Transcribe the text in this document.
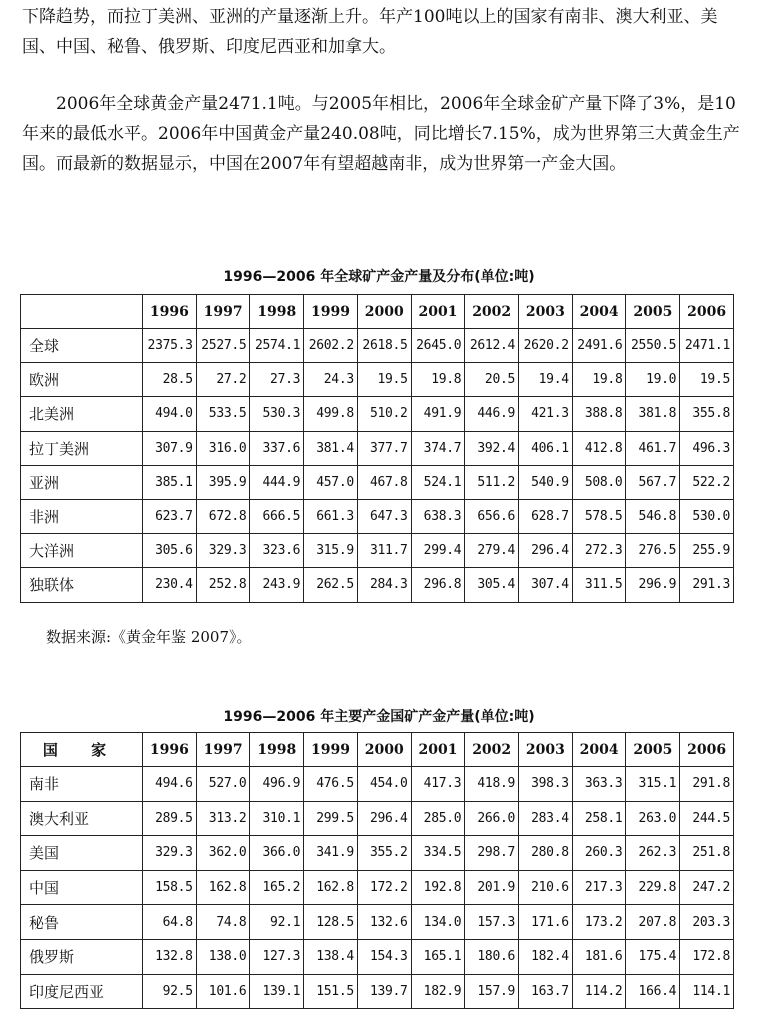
下降趋势，而拉丁美洲、亚洲的产量逐渐上升。年产100吨以上的国家有南非、澳大利亚、美国、中国、秘鲁、俄罗斯、印度尼西亚和加拿大。

2006年全球黄金产量2471.1吨。与2005年相比，2006年全球金矿产量下降了3%，是10年来的最低水平。2006年中国黄金产量240.08吨，同比增长7.15%，成为世界第三大黄金生产国。而最新的数据显示，中国在2007年有望超越南非，成为世界第一产金大国。

1996—2006 年全球矿产金产量及分布(单位:吨)
	1996	1997	1998	1999	2000	2001	2002	2003	2004	2005	2006
全球	2375.3	2527.5	2574.1	2602.2	2618.5	2645.0	2612.4	2620.2	2491.6	2550.5	2471.1
欧洲	28.5	27.2	27.3	24.3	19.5	19.8	20.5	19.4	19.8	19.0	19.5
北美洲	494.0	533.5	530.3	499.8	510.2	491.9	446.9	421.3	388.8	381.8	355.8
拉丁美洲	307.9	316.0	337.6	381.4	377.7	374.7	392.4	406.1	412.8	461.7	496.3
亚洲	385.1	395.9	444.9	457.0	467.8	524.1	511.2	540.9	508.0	567.7	522.2
非洲	623.7	672.8	666.5	661.3	647.3	638.3	656.6	628.7	578.5	546.8	530.0
大洋洲	305.6	329.3	323.6	315.9	311.7	299.4	279.4	296.4	272.3	276.5	255.9
独联体	230.4	252.8	243.9	262.5	284.3	296.8	305.4	307.4	311.5	296.9	291.3
数据来源:《黄金年鉴 2007》。
1996—2006 年主要产金国矿产金产量(单位:吨)
国 家	1996	1997	1998	1999	2000	2001	2002	2003	2004	2005	2006
南非	494.6	527.0	496.9	476.5	454.0	417.3	418.9	398.3	363.3	315.1	291.8
澳大利亚	289.5	313.2	310.1	299.5	296.4	285.0	266.0	283.4	258.1	263.0	244.5
美国	329.3	362.0	366.0	341.9	355.2	334.5	298.7	280.8	260.3	262.3	251.8
中国	158.5	162.8	165.2	162.8	172.2	192.8	201.9	210.6	217.3	229.8	247.2
秘鲁	64.8	74.8	92.1	128.5	132.6	134.0	157.3	171.6	173.2	207.8	203.3
俄罗斯	132.8	138.0	127.3	138.4	154.3	165.1	180.6	182.4	181.6	175.4	172.8
印度尼西亚	92.5	101.6	139.1	151.5	139.7	182.9	157.9	163.7	114.2	166.4	114.1
